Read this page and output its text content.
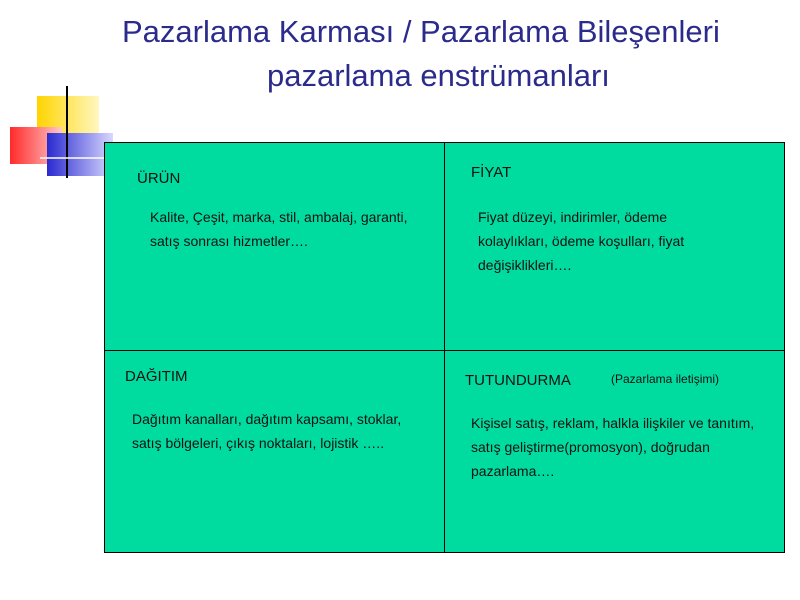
Pazarlama Karması / Pazarlama Bileşenleri
pazarlama enstrümanları
ÜRÜN
Kalite, Çeşit, marka, stil, ambalaj, garanti, satış sonrası hizmetler….
FİYAT
Fiyat düzeyi, indirimler, ödeme kolaylıkları, ödeme koşulları, fiyat değişiklikleri….
DAĞITIM
Dağıtım kanalları, dağıtım kapsamı, stoklar, satış bölgeleri, çıkış noktaları, lojistik …..
TUTUNDURMA	(Pazarlama iletişimi)
Kişisel satış, reklam, halkla ilişkiler ve tanıtım, satış geliştirme(promosyon), doğrudan pazarlama….
